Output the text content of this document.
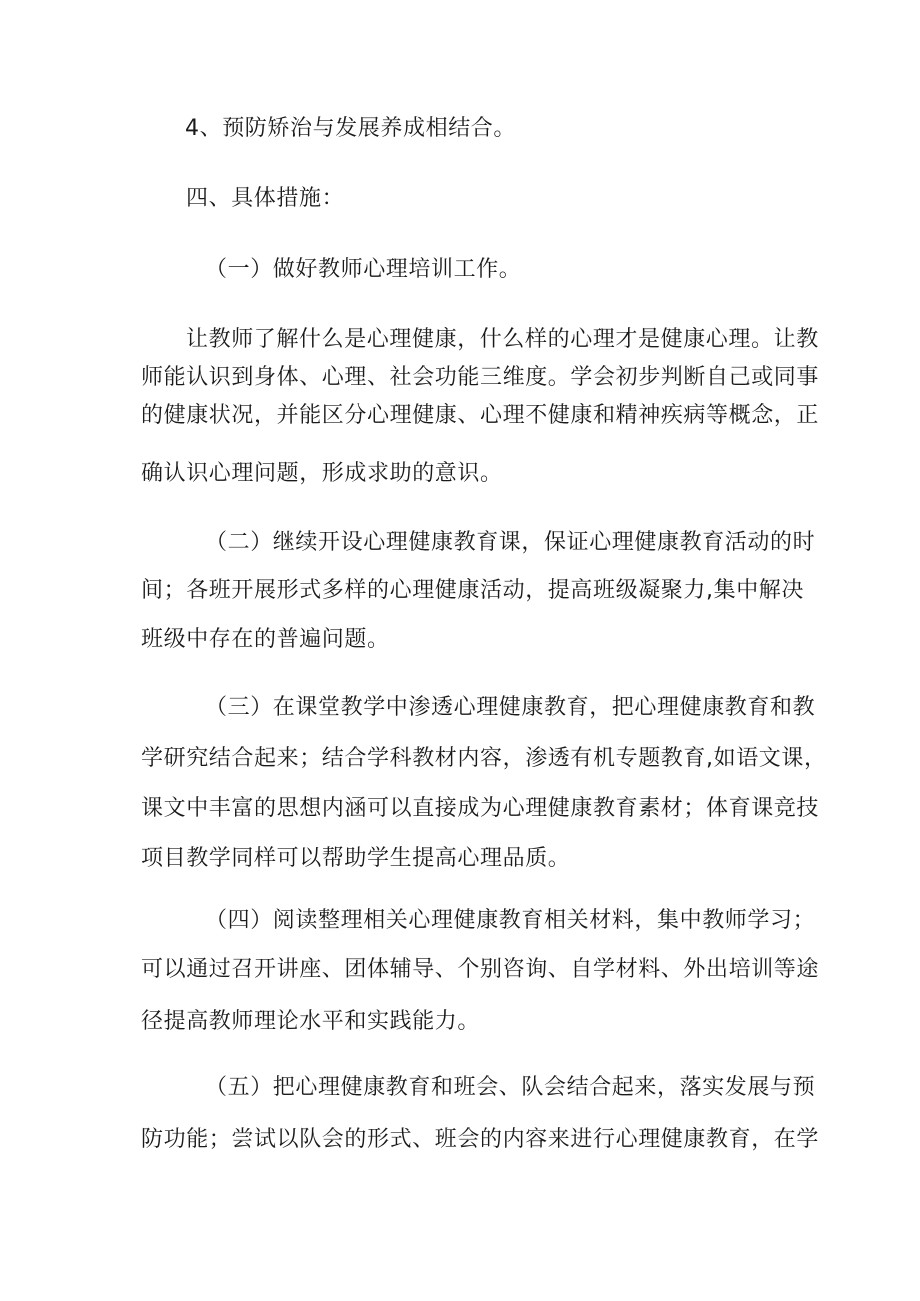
4、预防矫治与发展养成相结合。
四、具体措施：
（一）做好教师心理培训工作。
让教师了解什么是心理健康，什么样的心理才是健康心理。让教
师能认识到身体、心理、社会功能三维度。学会初步判断自己或同事
的健康状况，并能区分心理健康、心理不健康和精神疾病等概念，正
确认识心理问题，形成求助的意识。
（二）继续开设心理健康教育课，保证心理健康教育活动的时
间；各班开展形式多样的心理健康活动，提高班级凝聚力,集中解决
班级中存在的普遍问题。
（三）在课堂教学中渗透心理健康教育，把心理健康教育和教
学研究结合起来；结合学科教材内容，渗透有机专题教育,如语文课，
课文中丰富的思想内涵可以直接成为心理健康教育素材；体育课竞技
项目教学同样可以帮助学生提高心理品质。
（四）阅读整理相关心理健康教育相关材料，集中教师学习；
可以通过召开讲座、团体辅导、个别咨询、自学材料、外出培训等途
径提高教师理论水平和实践能力。
（五）把心理健康教育和班会、队会结合起来，落实发展与预
防功能；尝试以队会的形式、班会的内容来进行心理健康教育，在学
